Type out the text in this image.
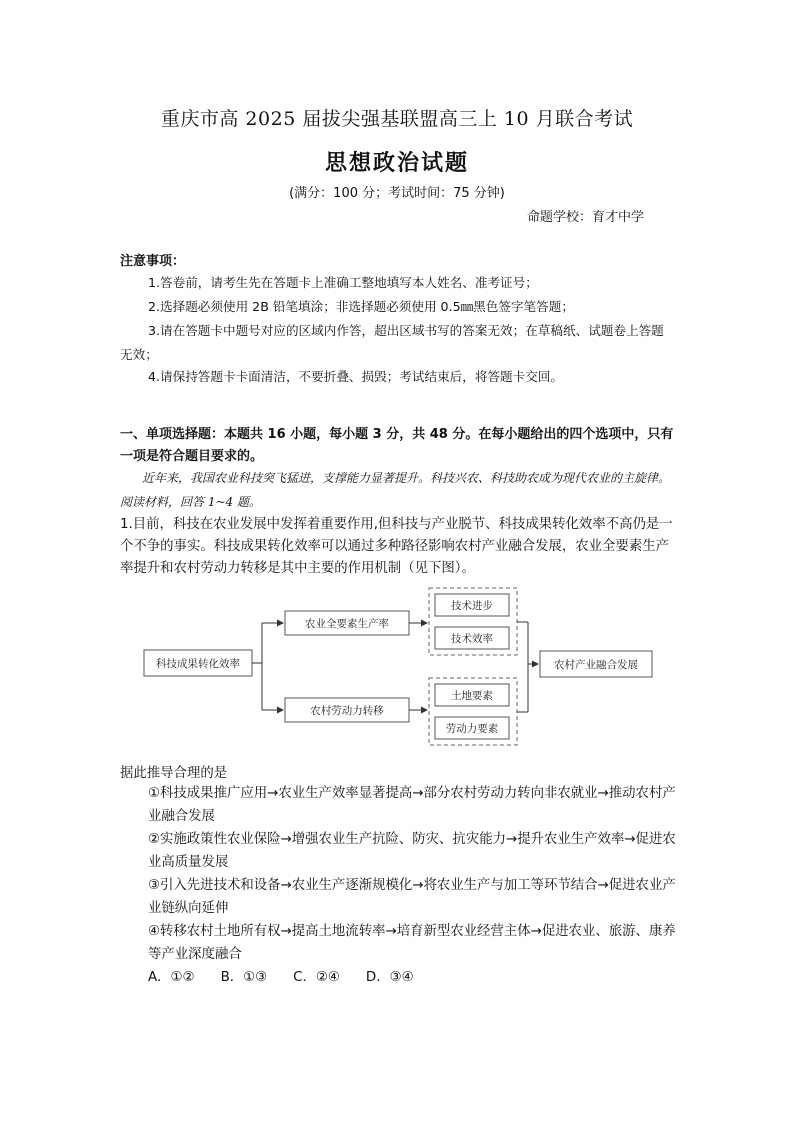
重庆市高 2025 届拔尖强基联盟高三上 10 月联合考试
思想政治试题
(满分：100 分；考试时间：75 分钟)
命题学校：育才中学
注意事项：
1.答卷前，请考生先在答题卡上准确工整地填写本人姓名、准考证号；
2.选择题必须使用 2B 铅笔填涂；非选择题必须使用 0.5㎜黑色签字笔答题；
3.请在答题卡中题号对应的区域内作答，超出区域书写的答案无效；在草稿纸、试题卷上答题无效；
4.请保持答题卡卡面清洁，不要折叠、损毁；考试结束后，将答题卡交回。
一、单项选择题：本题共 16 小题，每小题 3 分，共 48 分。在每小题给出的四个选项中，只有一项是符合题目要求的。
近年来，我国农业科技突飞猛进，支撑能力显著提升。科技兴农、科技助农成为现代农业的主旋律。阅读材料，回答 1~4 题。
1.目前，科技在农业发展中发挥着重要作用,但科技与产业脱节、科技成果转化效率不高仍是一个不争的事实。科技成果转化效率可以通过多种路径影响农村产业融合发展，农业全要素生产率提升和农村劳动力转移是其中主要的作用机制（见下图）。
科技成果转化效率
农业全要素生产率
农村劳动力转移
技术进步
技术效率
土地要素
劳动力要素
农村产业融合发展
据此推导合理的是
①科技成果推广应用→农业生产效率显著提高→部分农村劳动力转向非农就业→推动农村产业融合发展
②实施政策性农业保险→增强农业生产抗险、防灾、抗灾能力→提升农业生产效率→促进农业高质量发展
③引入先进技术和设备→农业生产逐渐规模化→将农业生产与加工等环节结合→促进农业产业链纵向延伸
④转移农村土地所有权→提高土地流转率→培育新型农业经营主体→促进农业、旅游、康养等产业深度融合
A．①② B．①③ C．②④ D．③④
